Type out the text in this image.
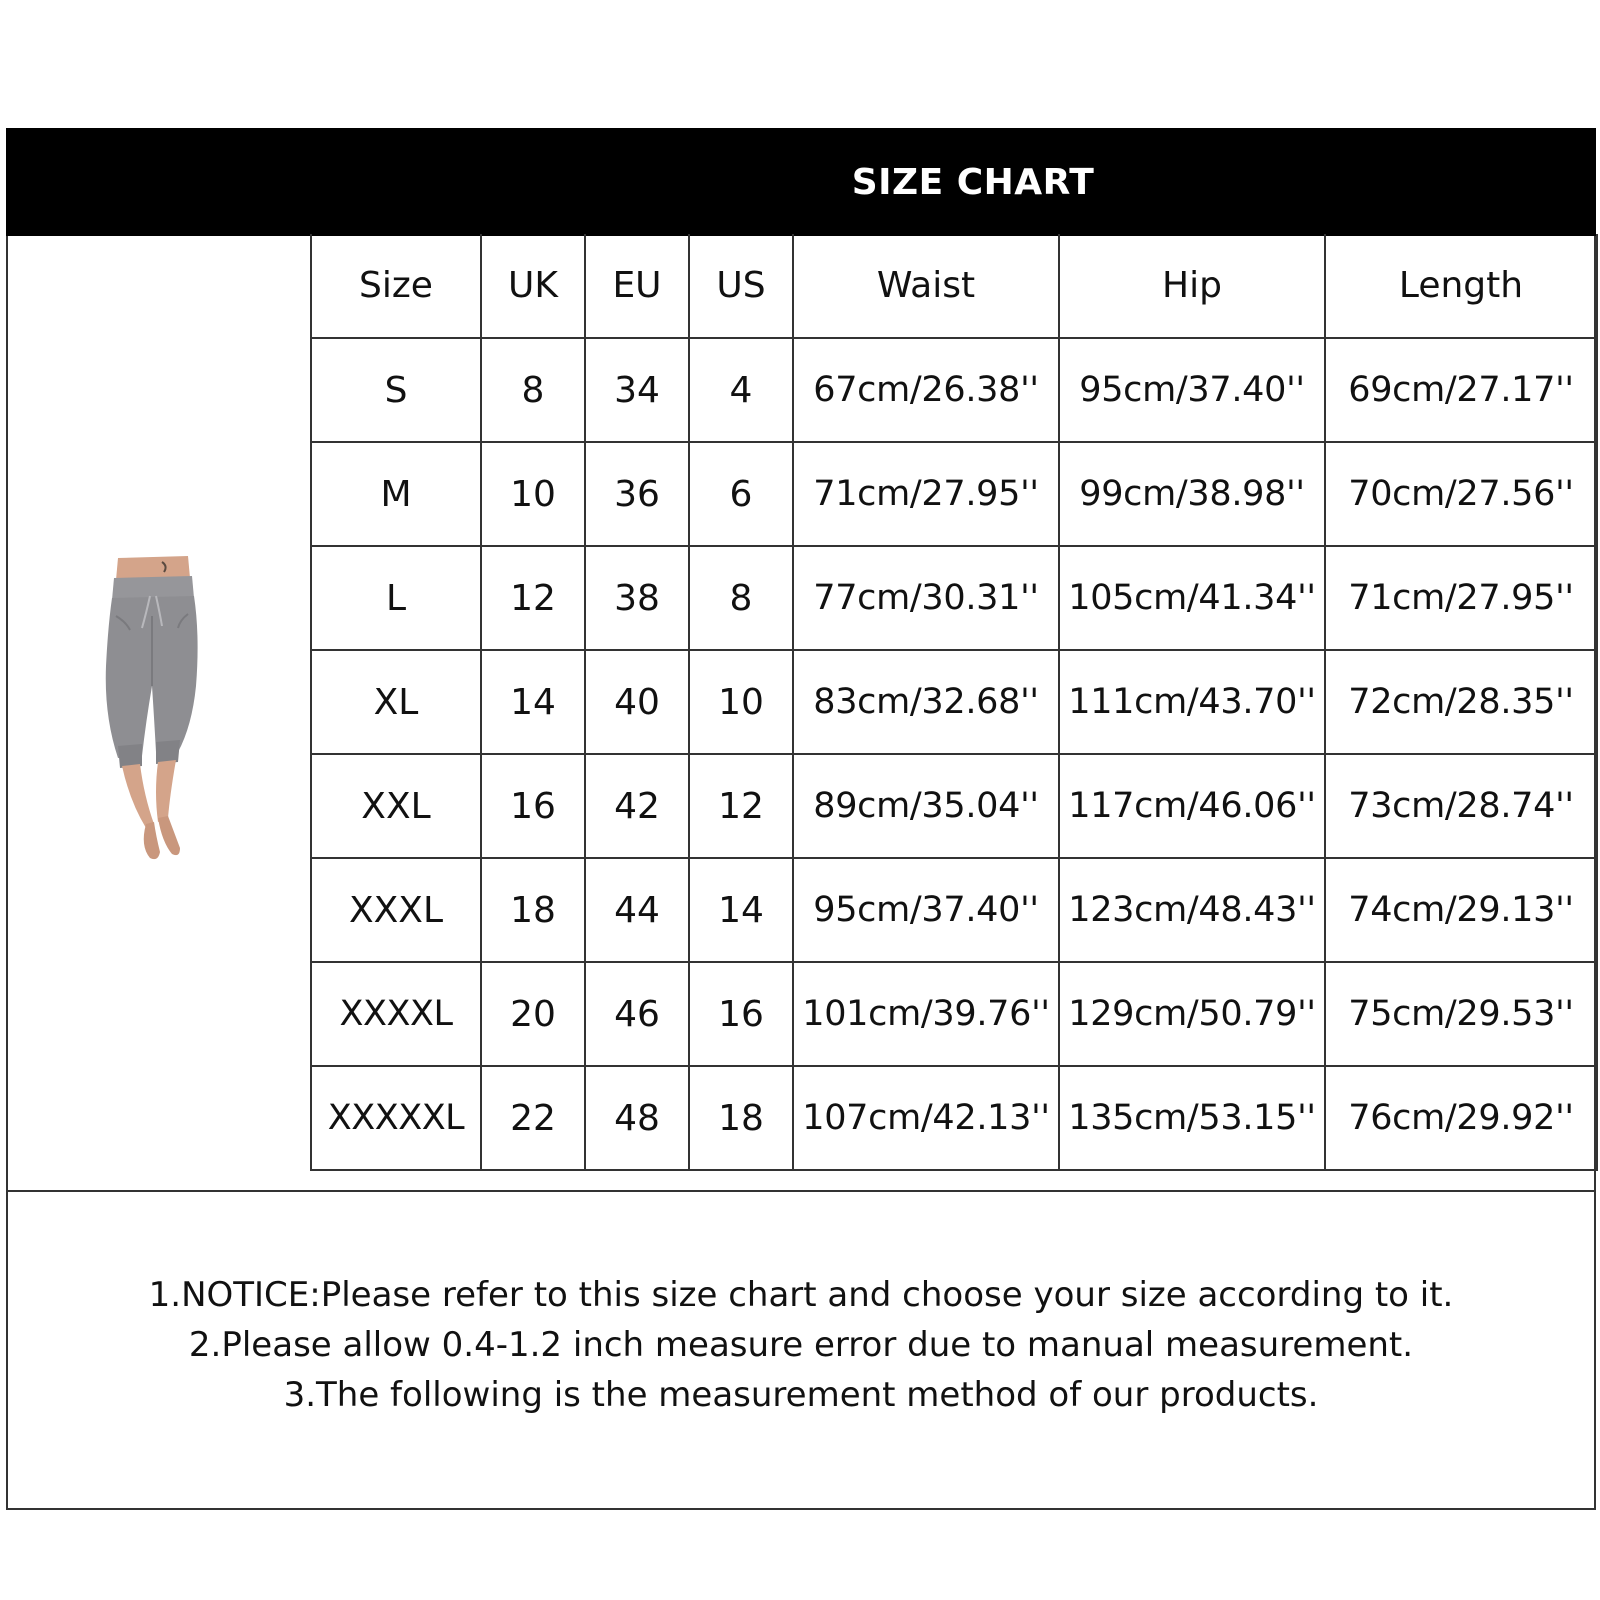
SIZE CHART
Size	UK	EU	US	Waist	Hip	Length
S	8	34	4	67cm/26.38''	95cm/37.40''	69cm/27.17''
M	10	36	6	71cm/27.95''	99cm/38.98''	70cm/27.56''
L	12	38	8	77cm/30.31''	105cm/41.34''	71cm/27.95''
XL	14	40	10	83cm/32.68''	111cm/43.70''	72cm/28.35''
XXL	16	42	12	89cm/35.04''	117cm/46.06''	73cm/28.74''
XXXL	18	44	14	95cm/37.40''	123cm/48.43''	74cm/29.13''
XXXXL	20	46	16	101cm/39.76''	129cm/50.79''	75cm/29.53''
XXXXXL	22	48	18	107cm/42.13''	135cm/53.15''	76cm/29.92''
1.NOTICE:Please refer to this size chart and choose your size according to it.
2.Please allow 0.4-1.2 inch measure error due to manual measurement.
3.The following is the measurement method of our products.
